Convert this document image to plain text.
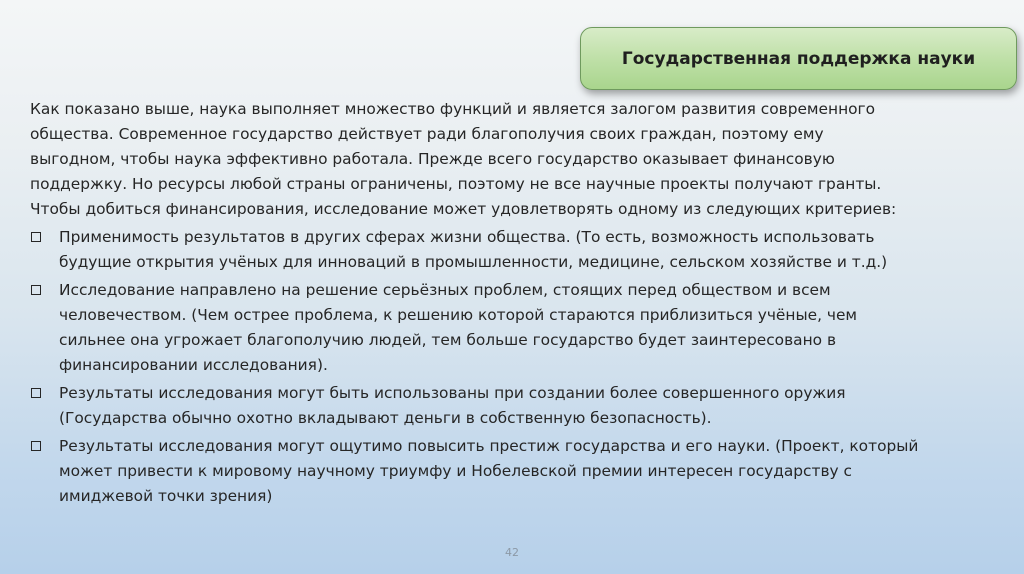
Государственная поддержка науки

Как показано выше, наука выполняет множество функций и является залогом развития современного

общества. Современное государство действует ради благополучия своих граждан, поэтому ему

выгодном, чтобы наука эффективно работала. Прежде всего государство оказывает финансовую

поддержку. Но ресурсы любой страны ограничены, поэтому не все научные проекты получают гранты.

Чтобы добиться финансирования, исследование может удовлетворять одному из следующих критериев:

Применимость результатов в других сферах жизни общества. (То есть, возможность использовать
будущие открытия учёных для инноваций в промышленности, медицине, сельском хозяйстве и т.д.)
Исследование направлено на решение серьёзных проблем, стоящих перед обществом и всем
человечеством. (Чем острее проблема, к решению которой стараются приблизиться учёные, чем
сильнее она угрожает благополучию людей, тем больше государство будет заинтересовано в
финансировании исследования).
Результаты исследования могут быть использованы при создании более совершенного оружия
(Государства обычно охотно вкладывают деньги в собственную безопасность).
Результаты исследования могут ощутимо повысить престиж государства и его науки. (Проект, который
может привести к мировому научному триумфу и Нобелевской премии интересен государству с
имиджевой точки зрения)
42
